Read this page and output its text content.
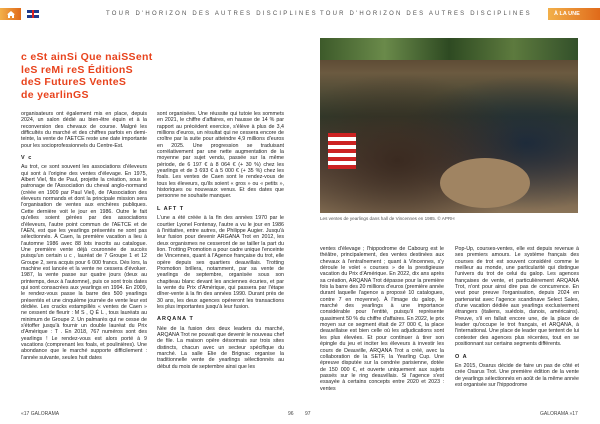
TOUR D'HORIZON DES AUTRES DISCIPLINES TOUR D'HORIZON DES AUTRES DISCIPLINES	À LA UNE
c eSt ainSi Que naiSSent
leS reMi reS ÉditionS
deS FutureS VenteS
de yearlinGS

organisateurs ont également mis en place, depuis 2024, un salon dédié au bien-être équin et à la reconversion des chevaux de course. Malgré les difficultés du marché et des chiffres parfois en demi-teinte, la vente de l'AETCE reste une date importante pour les socioprofessionnels du Centre-Est.

V c

Au trot, ce sont souvent les associations d'éleveurs qui sont à l'origine des ventes d'élevage. En 1975, Albert Viel, fils de Paul, projette la création, sous le patronage de l'Association du cheval anglo-normand (créée en 1909 par Paul Viel), de l'Association des éleveurs normands et dont la principale mission sera l'organisation de ventes aux enchères publiques. Cette dernière voit le jour en 1986. Outre le fait qu'elles soient gérées par des associations d'éleveurs, l'autre point commun de l'AETCE et de l'AEN, est que les yearlings présentés ne sont pas sélectionnés. À Caen, la première vacation a lieu à l'automne 1986 avec 88 lots inscrits au catalogue. Une première vente déjà couronnée de succès puisqu'un certain u c , lauréat de 7 Groupe 1 et 12 Groupe 2, sera acquis pour 6 000 francs. Dès lors, la machine est lancée et la vente ne cessera d'évoluer. 1987, la vente passe sur quatre jours (deux au printemps, deux à l'automne), puis ce sont trois dates qui sont consacrées aux yearlings en 1994. En 2009, le rendez-vous passe la barre des 500 yearlings présentés et une cinquième journée de vente leur est dédiée. Les cracks estampillés « ventes de Caen » ne cessent de fleurir : M S , Q É L , tous lauréats au minimum de Groupe 2. Un palmarès qui ne cesse de s'étoffer jusqu'à fournir un double lauréat du Prix d'Amérique : T . En 2018, 767 numéros sont des yearlings ! Le rendez-vous est alors porté à 9 vacations (comprenant les foals, et poulinières). Une abondance que le marché supporte difficilement : l'année suivante, seules huit dates

sont organisées. Une réussite qui tutoie les sommets en 2021, le chiffre d'affaires, en hausse de 14 % par rapport au précédent exercice, s'élève à plus de 3,4 millions d'euros, un résultat qui ne cessera encore de croître par la suite pour atteindre 4,9 millions d'euros en 2025. Une progression se traduisant corrélativement par une nette augmentation de la moyenne par sujet vendu, passée sur la même période, de 6 197 € à 8 064 € (+ 30 %) chez les yearlings et de 3 693 € à 5 000 € (+ 35 %) chez les foals. Les ventes de Caen sont le rendez-vous de tous les éleveurs, qu'ils soient « gros » ou « petits », historiques ou nouveaux venus. Et des dates que personne ne souhaite manquer.

L AFT T

L'une a été créée à la fin des années 1970 par le courtier Lyonel Fontenay, l'autre a vu le jour en 1986 à l'initiative, entre autres, de Philippe Augier. Jusqu'à leur fusion pour devenir ARGANA Trot en 2012, les deux organismes ne cesseront de se tailler la part du lion. Trotting Promotion a pour cadre unique l'enceinte de Vincennes, quant à l'Agence française du trot, elle opère depuis ses quartiers deauvillais. Trotting Promotion brillera, notamment, par sa vente de yearlings de septembre, organisée sous son chapiteau blanc devant les anciennes écuries, et par la vente du Prix d'Amérique, qui passera par l'étape dîner-vente à la fin des années 1990. Durant près de 30 ans, les deux agences opéreront les transactions les plus importantes jusqu'à leur fusion.

ARQANA T

Née de la fusion des deux leaders du marché, ARQANA Trot ne pouvait que devenir le nouveau chef de file. La maison opère désormais sur trois sites distincts, chacun avec un secteur spécifique du marché. La salle Elie de Brignac organise la traditionnelle vente de yearlings sélectionnés au début du mois de septembre ainsi que les

Les ventes de yearlings dans hall de Vincennes en 1985. © APRH

ventes d'élevage ; l'hippodrome de Cabourg est le théâtre, principalement, des ventes destinées aux chevaux à l'entraînement ; quant à Vincennes, s'y déroule le volet « courses » de la prestigieuse vacation du Prix d'Amérique. En 2022, dix ans après sa création, ARQANA Trot dépasse pour la première fois la barre des 20 millions d'euros (première année durant laquelle l'agence a proposé 10 catalogues, contre 7 en moyenne). À l'image du galop, le marché des yearlings à une importance considérable pour l'entité, puisqu'il représente quasiment 50 % du chiffre d'affaires. En 2022, le prix moyen sur ce segment était de 27 000 €, la place deauvillaise est bien celle où les adjudications sont les plus élevées. Et pour continuer à tirer son épingle du jeu et inciter les éleveurs à investir les cours de Deauville, ARQANA Trot a créé, avec la collaboration de la SETF, la Yearling Cup. Une épreuve disputée sur la cendrée parisienne, dotée de 150 000 €, et ouverte uniquement aux sujets passés sur le ring deauvillais. Si l'agence s'est essayée à certains concepts entre 2020 et 2023 : ventes

Pop-Up, courses-ventes, elle est depuis revenue à ses premiers amours. Le système français des courses de trot est souvent considéré comme le meilleur au monde, une particularité qui distingue l'univers du trot de celui du galop. Les agences françaises de vente, et particulièrement ARQANA Trot, n'ont pour ainsi dire pas de concurrence. En veut pour preuve l'organisation, depuis 2024 en partenariat avec l'agence scandinave Select Sales, d'une vacation dédiée aux yearlings exclusivement étrangers (italiens, suédois, danois, américains). Preuve, s'il en fallait encore une, de la place de leader qu'occupe le trot français, et ARQANA, à l'international. Une place de leader que tentent de lui contester des agences plus récentes, tout en se positionnant sur certains segments différents.

O A

En 2015, Osarus décide de faire un pas de côté et crée Osarus Trot. Une première édition de la vente de yearlings sélectionnés en août de la même année est organisée sur l'hippodrome

«17 GALORAMA	96 97	GALORAMA »17
